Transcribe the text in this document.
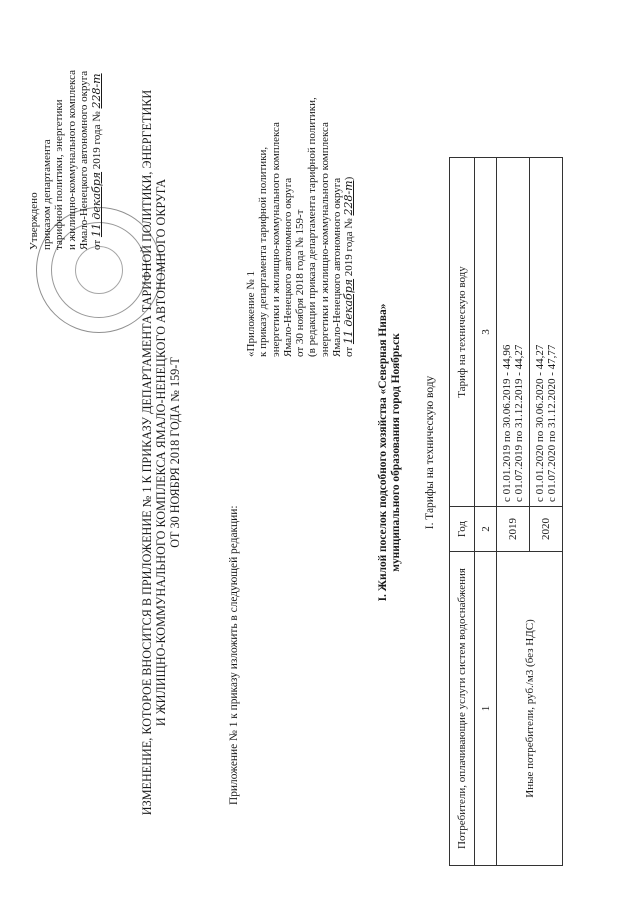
Утверждено приказом департамента тарифной политики, энергетики и жилищно-коммунального комплекса Ямало-Ненецкого автономного округа от 11 декабря 2019 года № 228-т	ИЗМЕНЕНИЕ, КОТОРОЕ ВНОСИТСЯ В ПРИЛОЖЕНИЕ № 1 К ПРИКАЗУ ДЕПАРТАМЕНТА ТАРИФНОЙ ПОЛИТИКИ, ЭНЕРГЕТИКИ И ЖИЛИЩНО-КОММУНАЛЬНОГО КОМПЛЕКСА ЯМАЛО-НЕНЕЦКОГО АВТОНОМНОГО ОКРУГА ОТ 30 НОЯБРЯ 2018 ГОДА № 159-Т
Приложение № 1 к приказу изложить в следующей редакции:
«Приложение № 1 к приказу департамента тарифной политики, энергетики и жилищно-коммунального комплекса Ямало-Ненецкого автономного округа от 30 ноября 2018 года № 159-т (в редакции приказа департамента тарифной политики, энергетики и жилищно-коммунального комплекса Ямало-Ненецкого автономного округа от 11 декабря 2019 года № 228-т)
I. Жилой поселок подсобного хозяйства «Северная Нива» муниципального образования город Ноябрьск I. Тарифы на техническую воду
Потребители, оплачивающие услуги систем водоснабжения	Год	Тариф на техническую воду
1	2	3
Иные потребители, руб./м3 (без НДС)	2019	с 01.01.2019 по 30.06.2019 - 44,96 с 01.07.2019 по 31.12.2019 - 44,27

	2020	с 01.01.2020 по 30.06.2020 - 44,27 с 01.07.2020 по 31.12.2020 - 47,77
